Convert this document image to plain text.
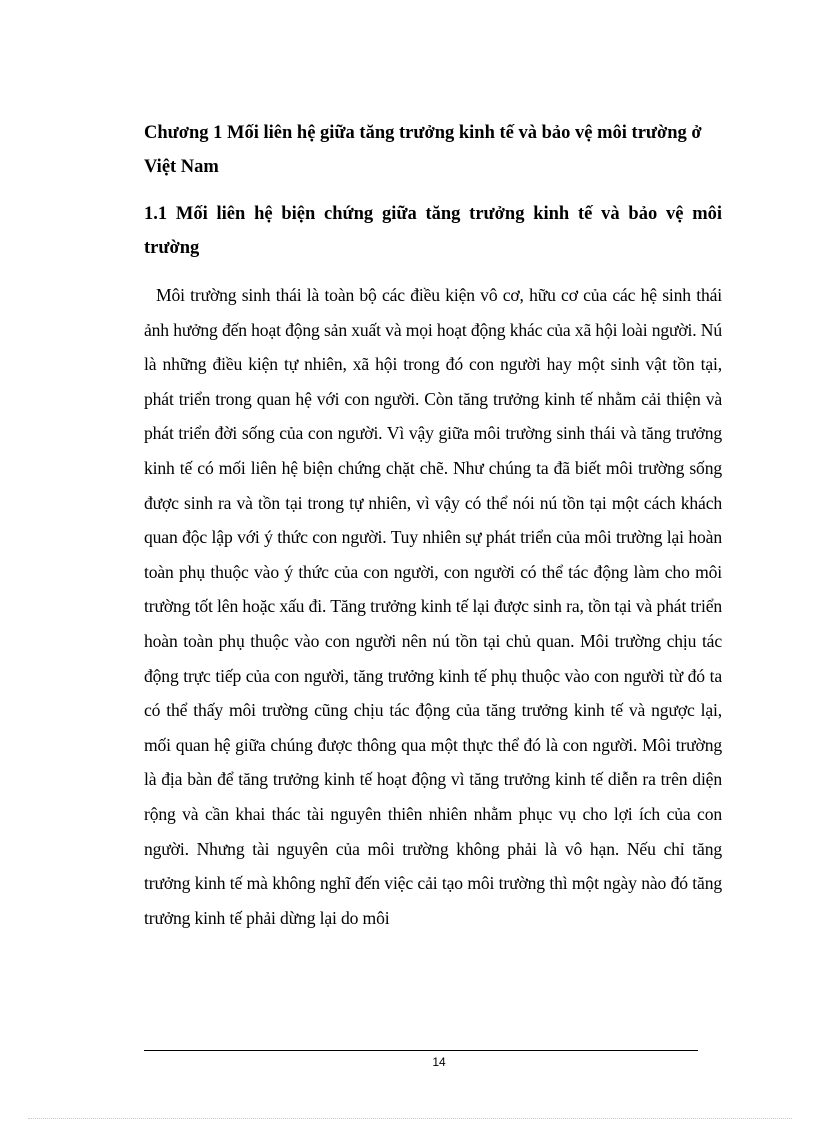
Chương 1 Mối liên hệ giữa tăng trưởng kinh tế và bảo vệ môi trường ở Việt Nam
1.1 Mối liên hệ biện chứng giữa tăng trưởng kinh tế và bảo vệ môi trường

Môi trường sinh thái là toàn bộ các điều kiện vô cơ, hữu cơ của các hệ sinh thái ảnh hưởng đến hoạt động sản xuất và mọi hoạt động khác của xã hội loài người. Nú là những điều kiện tự nhiên, xã hội trong đó con người hay một sinh vật tồn tại, phát triển trong quan hệ với con người. Còn tăng trưởng kinh tế nhằm cải thiện và phát triển đời sống của con người. Vì vậy giữa môi trường sinh thái và tăng trưởng kinh tế có mối liên hệ biện chứng chặt chẽ. Như chúng ta đã biết môi trường sống được sinh ra và tồn tại trong tự nhiên, vì vậy có thể nói nú tồn tại một cách khách quan độc lập với ý thức con người. Tuy nhiên sự phát triển của môi trường lại hoàn toàn phụ thuộc vào ý thức của con người, con người có thể tác động làm cho môi trường tốt lên hoặc xấu đi. Tăng trưởng kinh tế lại được sinh ra, tồn tại và phát triển hoàn toàn phụ thuộc vào con người nên nú tồn tại chủ quan. Môi trường chịu tác động trực tiếp của con người, tăng trưởng kinh tế phụ thuộc vào con người từ đó ta có thể thấy môi trường cũng chịu tác động của tăng trưởng kinh tế và ngược lại, mối quan hệ giữa chúng được thông qua một thực thể đó là con người. Môi trường là địa bàn để tăng trưởng kinh tế hoạt động vì tăng trưởng kinh tế diễn ra trên diện rộng và cần khai thác tài nguyên thiên nhiên nhằm phục vụ cho lợi ích của con người. Nhưng tài nguyên của môi trường không phải là vô hạn. Nếu chỉ tăng trưởng kinh tế mà không nghĩ đến việc cải tạo môi trường thì một ngày nào đó tăng trưởng kinh tế phải dừng lại do môi

14
